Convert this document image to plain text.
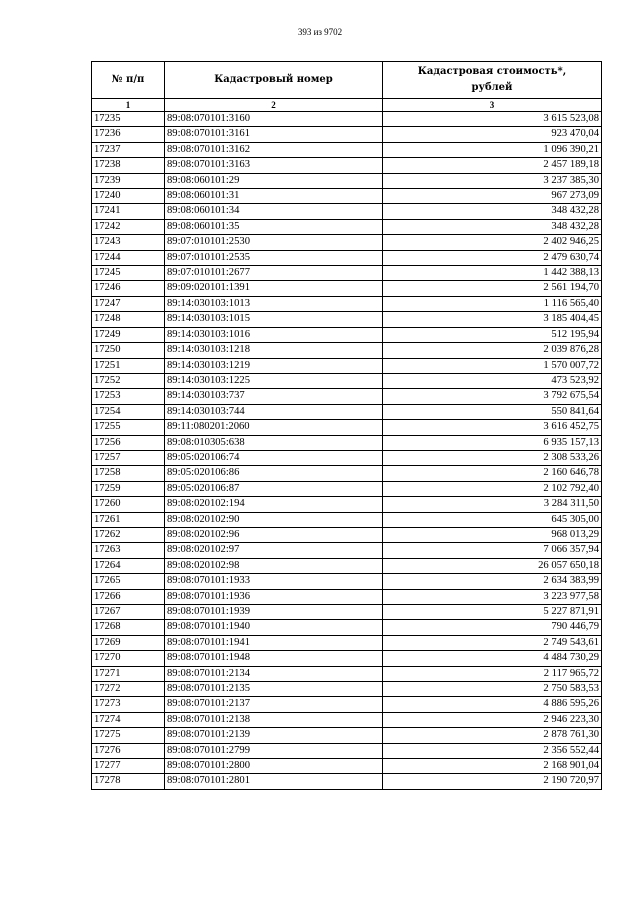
393 из 9702
№ п/п	Кадастровый номер	Кадастровая стоимость*,
рублей
1	2	3
17235	89:08:070101:3160	3 615 523,08
17236	89:08:070101:3161	923 470,04
17237	89:08:070101:3162	1 096 390,21
17238	89:08:070101:3163	2 457 189,18
17239	89:08:060101:29	3 237 385,30
17240	89:08:060101:31	967 273,09
17241	89:08:060101:34	348 432,28
17242	89:08:060101:35	348 432,28
17243	89:07:010101:2530	2 402 946,25
17244	89:07:010101:2535	2 479 630,74
17245	89:07:010101:2677	1 442 388,13
17246	89:09:020101:1391	2 561 194,70
17247	89:14:030103:1013	1 116 565,40
17248	89:14:030103:1015	3 185 404,45
17249	89:14:030103:1016	512 195,94
17250	89:14:030103:1218	2 039 876,28
17251	89:14:030103:1219	1 570 007,72
17252	89:14:030103:1225	473 523,92
17253	89:14:030103:737	3 792 675,54
17254	89:14:030103:744	550 841,64
17255	89:11:080201:2060	3 616 452,75
17256	89:08:010305:638	6 935 157,13
17257	89:05:020106:74	2 308 533,26
17258	89:05:020106:86	2 160 646,78
17259	89:05:020106:87	2 102 792,40
17260	89:08:020102:194	3 284 311,50
17261	89:08:020102:90	645 305,00
17262	89:08:020102:96	968 013,29
17263	89:08:020102:97	7 066 357,94
17264	89:08:020102:98	26 057 650,18
17265	89:08:070101:1933	2 634 383,99
17266	89:08:070101:1936	3 223 977,58
17267	89:08:070101:1939	5 227 871,91
17268	89:08:070101:1940	790 446,79
17269	89:08:070101:1941	2 749 543,61
17270	89:08:070101:1948	4 484 730,29
17271	89:08:070101:2134	2 117 965,72
17272	89:08:070101:2135	2 750 583,53
17273	89:08:070101:2137	4 886 595,26
17274	89:08:070101:2138	2 946 223,30
17275	89:08:070101:2139	2 878 761,30
17276	89:08:070101:2799	2 356 552,44
17277	89:08:070101:2800	2 168 901,04
17278	89:08:070101:2801	2 190 720,97
